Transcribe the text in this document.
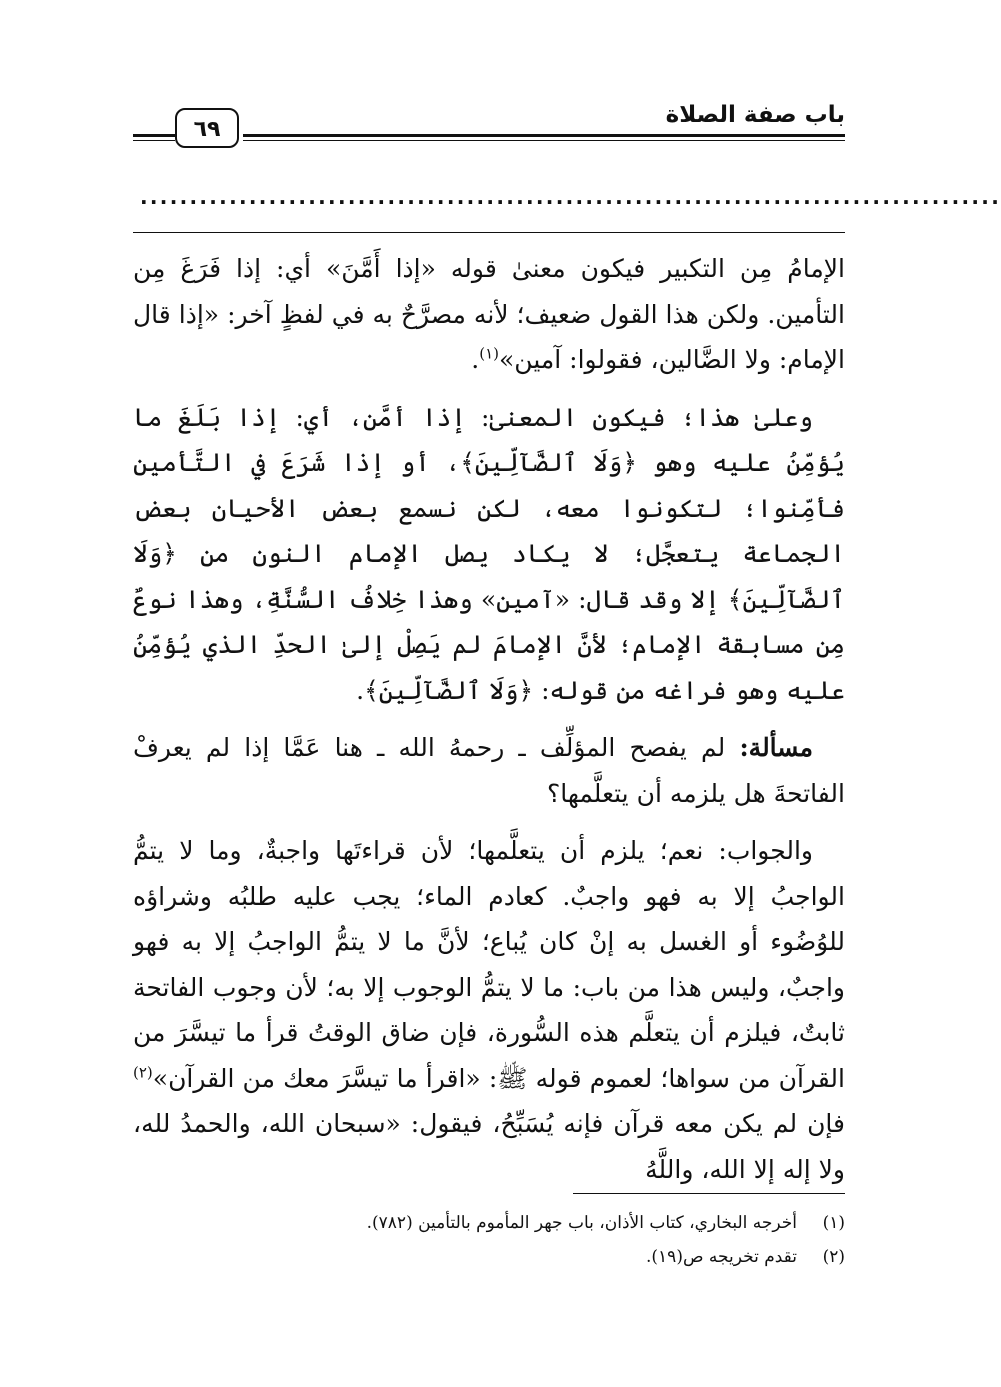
باب صفة الصلاة
٦٩
.......................................................................................

الإمامُ مِن التكبير فيكون معنىٰ قوله «إذا أَمَّنَ» أي: إذا فَرَغَ مِن التأمين. ولكن هذا القول ضعيف؛ لأنه مصرَّحٌ به في لفظٍ آخر: «إذا قال الإمام: ولا الضَّالين، فقولوا: آمين»$^{(١)}$.

وعلىٰ هذا؛ فيكون المعنىٰ: إذا أمَّن، أي: إذا بَلَغَ ما يُؤمِّنُ عليه وهو ﴿وَلَا ٱلضَّآلِّينَ﴾، أو إذا شَرَعَ في التَّأمين فأمِّنوا؛ لتكونوا معه، لكن نسمع بعض الأحيان بعض الجماعة يتعجَّل؛ لا يكاد يصل الإمام النون من ﴿وَلَا ٱلضَّآلِّينَ﴾ إلا وقد قال: «آمين» وهذا خِلافُ السُّنَّةِ، وهذا نوعٌ مِن مسابقة الإمام؛ لأنَّ الإمامَ لم يَصِلْ إلىٰ الحدِّ الذي يُؤمِّنُ عليه وهو فراغه من قوله: ﴿وَلَا ٱلضَّآلِّينَ﴾.

مسألة: لم يفصح المؤلِّف ـ رحمهُ الله ـ هنا عَمَّا إذا لم يعرفْ الفاتحةَ هل يلزمه أن يتعلَّمها؟

والجواب: نعم؛ يلزم أن يتعلَّمها؛ لأن قراءتَها واجبةٌ، وما لا يتمُّ الواجبُ إلا به فهو واجبٌ. كعادم الماء؛ يجب عليه طلبُه وشراؤه للوُضُوء أو الغسل به إنْ كان يُباع؛ لأنَّ ما لا يتمُّ الواجبُ إلا به فهو واجبٌ، وليس هذا من باب: ما لا يتمُّ الوجوب إلا به؛ لأن وجوب الفاتحة ثابتٌ، فيلزم أن يتعلَّم هذه السُّورة، فإن ضاق الوقتُ قرأ ما تيسَّرَ من القرآن من سواها؛ لعموم قوله ﷺ: «اقرأ ما تيسَّرَ معك من القرآن»$^{(٢)}$ فإن لم يكن معه قرآن فإنه يُسَبِّحُ، فيقول: «سبحان الله، والحمدُ لله، ولا إله إلا الله، واللَّهُ

(١)
أخرجه البخاري، كتاب الأذان، باب جهر المأموم بالتأمين (٧٨٢).
(٢)
تقدم تخريجه ص(١٩).
